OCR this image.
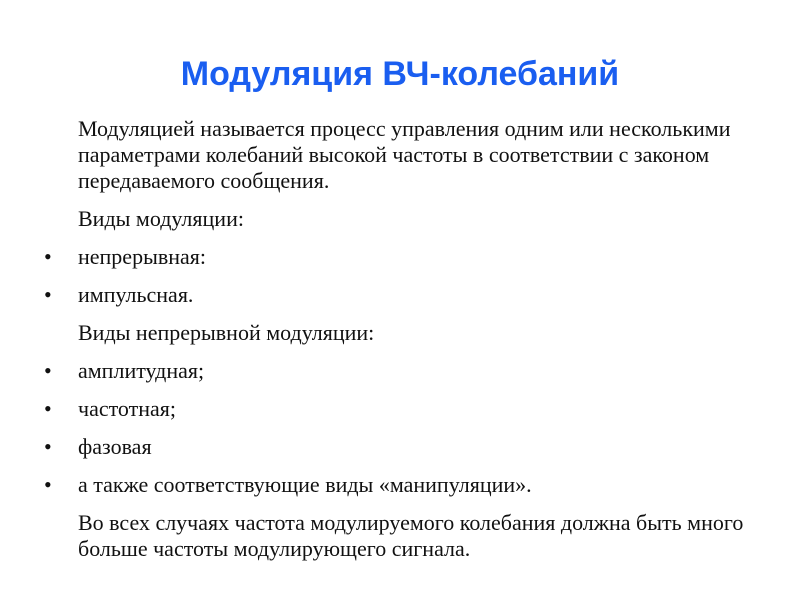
Модуляция ВЧ-колебаний

Модуляцией называется процесс управления одним или несколькими параметрами колебаний высокой частоты в соответствии с законом передаваемого сообщения.

Виды модуляции:

•	непрерывная:
•	импульсная.

Виды непрерывной модуляции:

•	амплитудная;
•	частотная;
•	фазовая
•	а также соответствующие виды «манипуляции».

Во всех случаях частота модулируемого колебания должна быть много больше частоты модулирующего сигнала.
